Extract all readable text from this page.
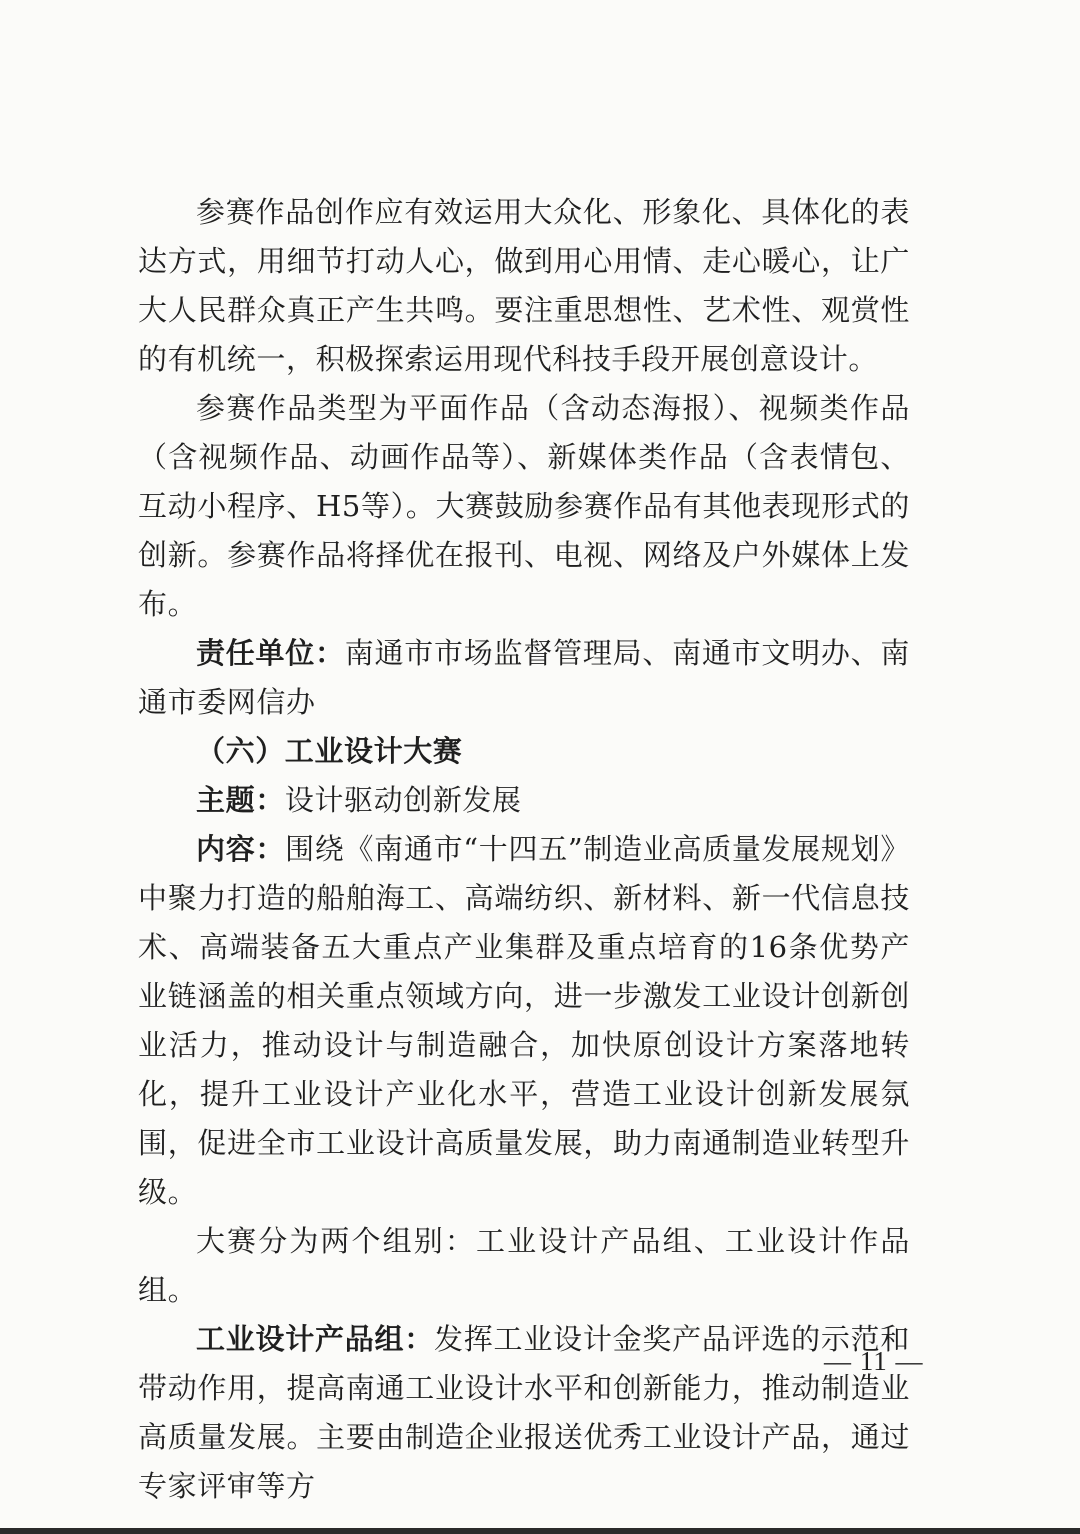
参赛作品创作应有效运用大众化、形象化、具体化的表达方式，用细节打动人心，做到用心用情、走心暖心，让广大人民群众真正产生共鸣。要注重思想性、艺术性、观赏性的有机统一，积极探索运用现代科技手段开展创意设计。

参赛作品类型为平面作品（含动态海报）、视频类作品（含视频作品、动画作品等）、新媒体类作品（含表情包、互动小程序、H5等）。大赛鼓励参赛作品有其他表现形式的创新。参赛作品将择优在报刊、电视、网络及户外媒体上发布。

责任单位：南通市市场监督管理局、南通市文明办、南通市委网信办

（六）工业设计大赛

主题：设计驱动创新发展

内容：围绕《南通市“十四五”制造业高质量发展规划》中聚力打造的船舶海工、高端纺织、新材料、新一代信息技术、高端装备五大重点产业集群及重点培育的16条优势产业链涵盖的相关重点领域方向，进一步激发工业设计创新创业活力，推动设计与制造融合，加快原创设计方案落地转化，提升工业设计产业化水平，营造工业设计创新发展氛围，促进全市工业设计高质量发展，助力南通制造业转型升级。

大赛分为两个组别：工业设计产品组、工业设计作品组。

工业设计产品组：发挥工业设计金奖产品评选的示范和带动作用，提高南通工业设计水平和创新能力，推动制造业高质量发展。主要由制造企业报送优秀工业设计产品，通过专家评审等方

— 11 —
